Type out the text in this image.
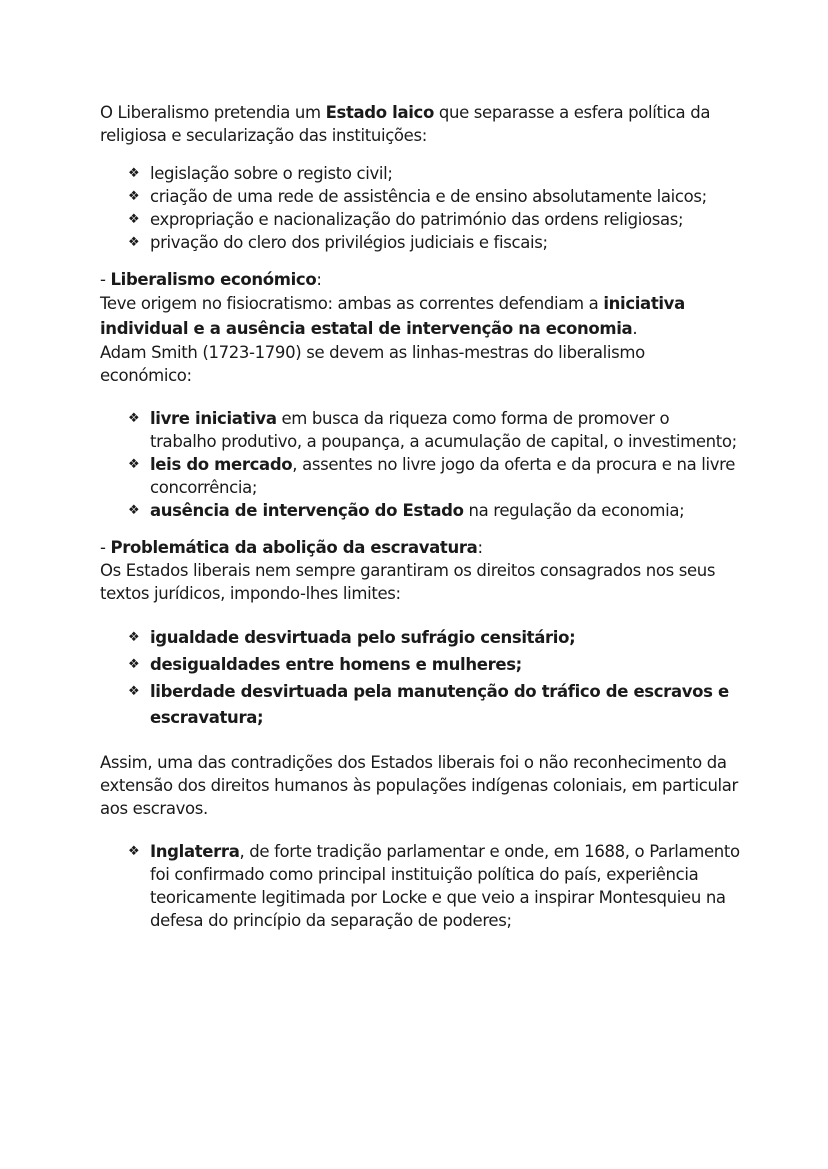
O Liberalismo pretendia um Estado laico que separasse a esfera política da religiosa e secularização das instituições:

❖ legislação sobre o registo civil;
❖ criação de uma rede de assistência e de ensino absolutamente laicos;
❖ expropriação e nacionalização do património das ordens religiosas;
❖ privação do clero dos privilégios judiciais e fiscais;

- Liberalismo económico:

Teve origem no fisiocratismo: ambas as correntes defendiam a iniciativa individual e a ausência estatal de intervenção na economia.

Adam Smith (1723-1790) se devem as linhas-mestras do liberalismo económico:

❖ livre iniciativa em busca da riqueza como forma de promover o trabalho produtivo, a poupança, a acumulação de capital, o investimento;
❖ leis do mercado, assentes no livre jogo da oferta e da procura e na livre concorrência;
❖ ausência de intervenção do Estado na regulação da economia;

- Problemática da abolição da escravatura:

Os Estados liberais nem sempre garantiram os direitos consagrados nos seus textos jurídicos, impondo-lhes limites:

❖ igualdade desvirtuada pelo sufrágio censitário;
❖ desigualdades entre homens e mulheres;
❖ liberdade desvirtuada pela manutenção do tráfico de escravos e escravatura;

Assim, uma das contradições dos Estados liberais foi o não reconhecimento da extensão dos direitos humanos às populações indígenas coloniais, em particular aos escravos.

❖ Inglaterra, de forte tradição parlamentar e onde, em 1688, o Parlamento foi confirmado como principal instituição política do país, experiência teoricamente legitimada por Locke e que veio a inspirar Montesquieu na defesa do princípio da separação de poderes;
